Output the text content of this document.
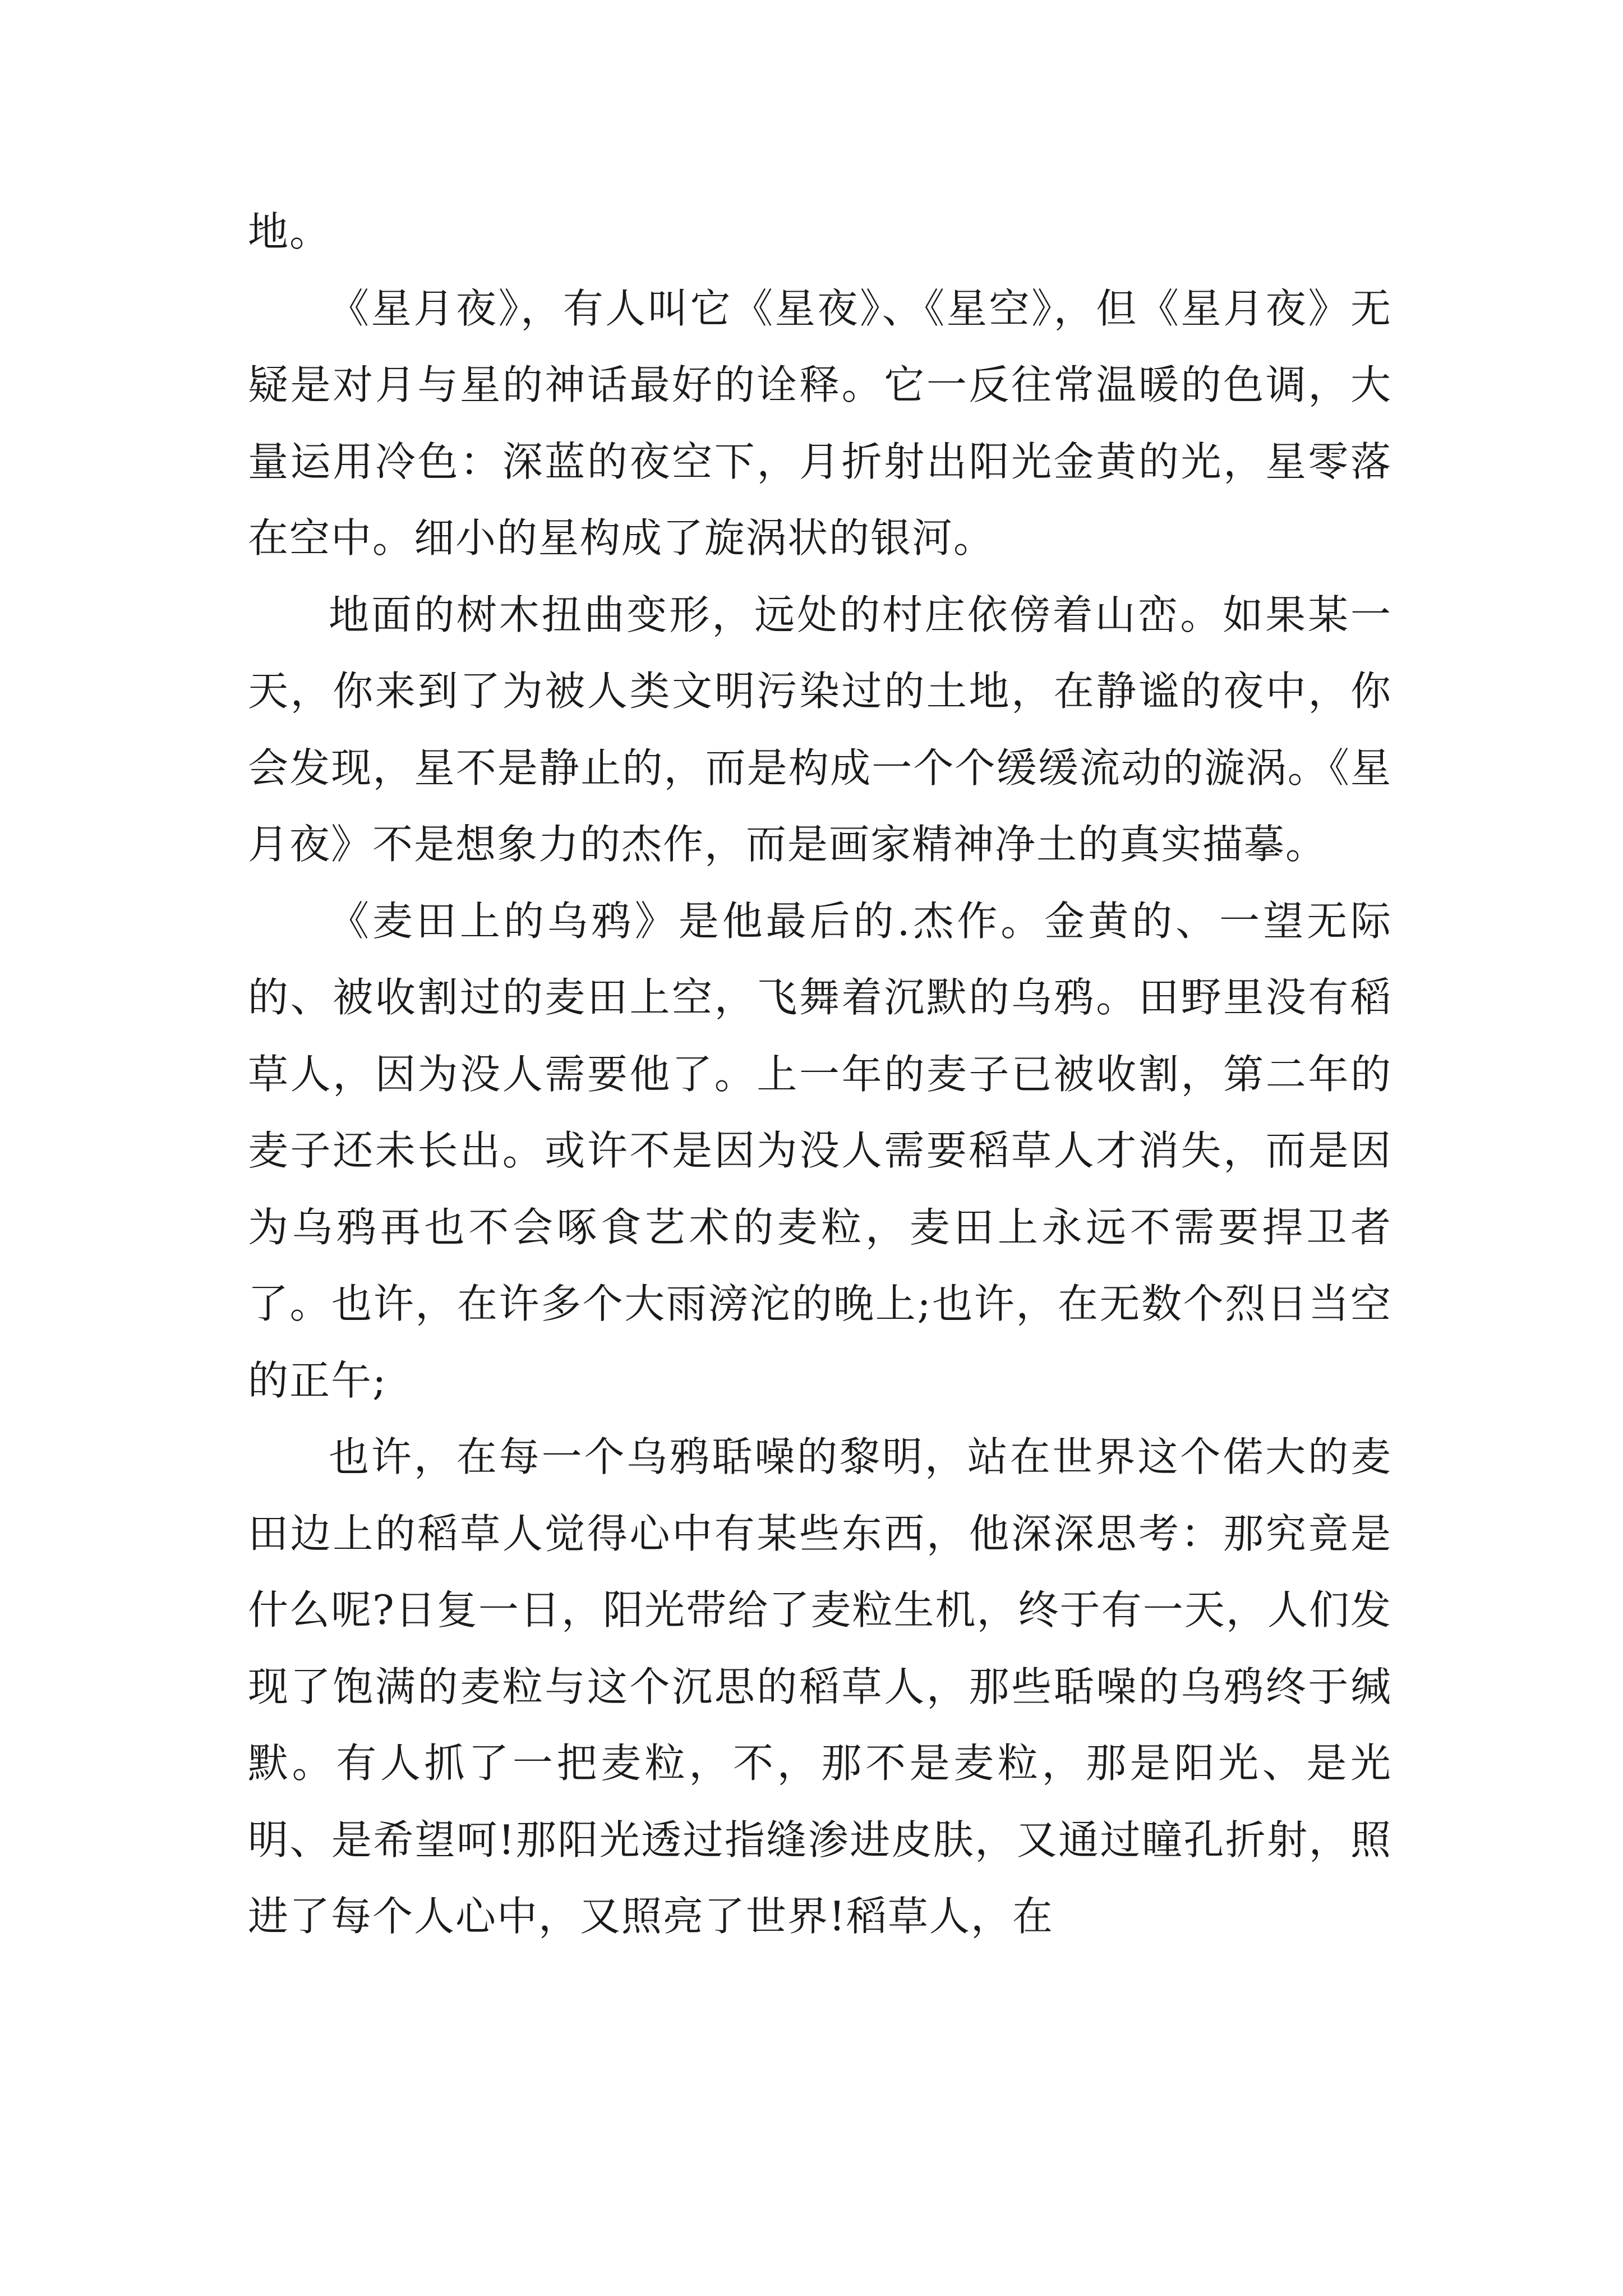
地。

《星月夜》，有人叫它《星夜》、《星空》，但《星月夜》无疑是对月与星的神话最好的诠释。它一反往常温暖的色调，大量运用冷色：深蓝的夜空下，月折射出阳光金黄的光，星零落在空中。细小的星构成了旋涡状的银河。

地面的树木扭曲变形，远处的村庄依傍着山峦。如果某一天，你来到了为被人类文明污染过的土地，在静谧的夜中，你会发现，星不是静止的，而是构成一个个缓缓流动的漩涡。《星月夜》不是想象力的杰作，而是画家精神净土的真实描摹。

《麦田上的乌鸦》是他最后的.杰作。金黄的、一望无际的、被收割过的麦田上空，飞舞着沉默的乌鸦。田野里没有稻草人，因为没人需要他了。上一年的麦子已被收割，第二年的麦子还未长出。或许不是因为没人需要稻草人才消失，而是因为乌鸦再也不会啄食艺术的麦粒，麦田上永远不需要捍卫者了。也许，在许多个大雨滂沱的晚上;也许，在无数个烈日当空的正午;

也许，在每一个乌鸦聒噪的黎明，站在世界这个偌大的麦田边上的稻草人觉得心中有某些东西，他深深思考：那究竟是什么呢?日复一日，阳光带给了麦粒生机，终于有一天，人们发现了饱满的麦粒与这个沉思的稻草人，那些聒噪的乌鸦终于缄默。有人抓了一把麦粒，不，那不是麦粒，那是阳光、是光明、是希望呵!那阳光透过指缝渗进皮肤，又通过瞳孔折射，照进了每个人心中，又照亮了世界!稻草人，在
